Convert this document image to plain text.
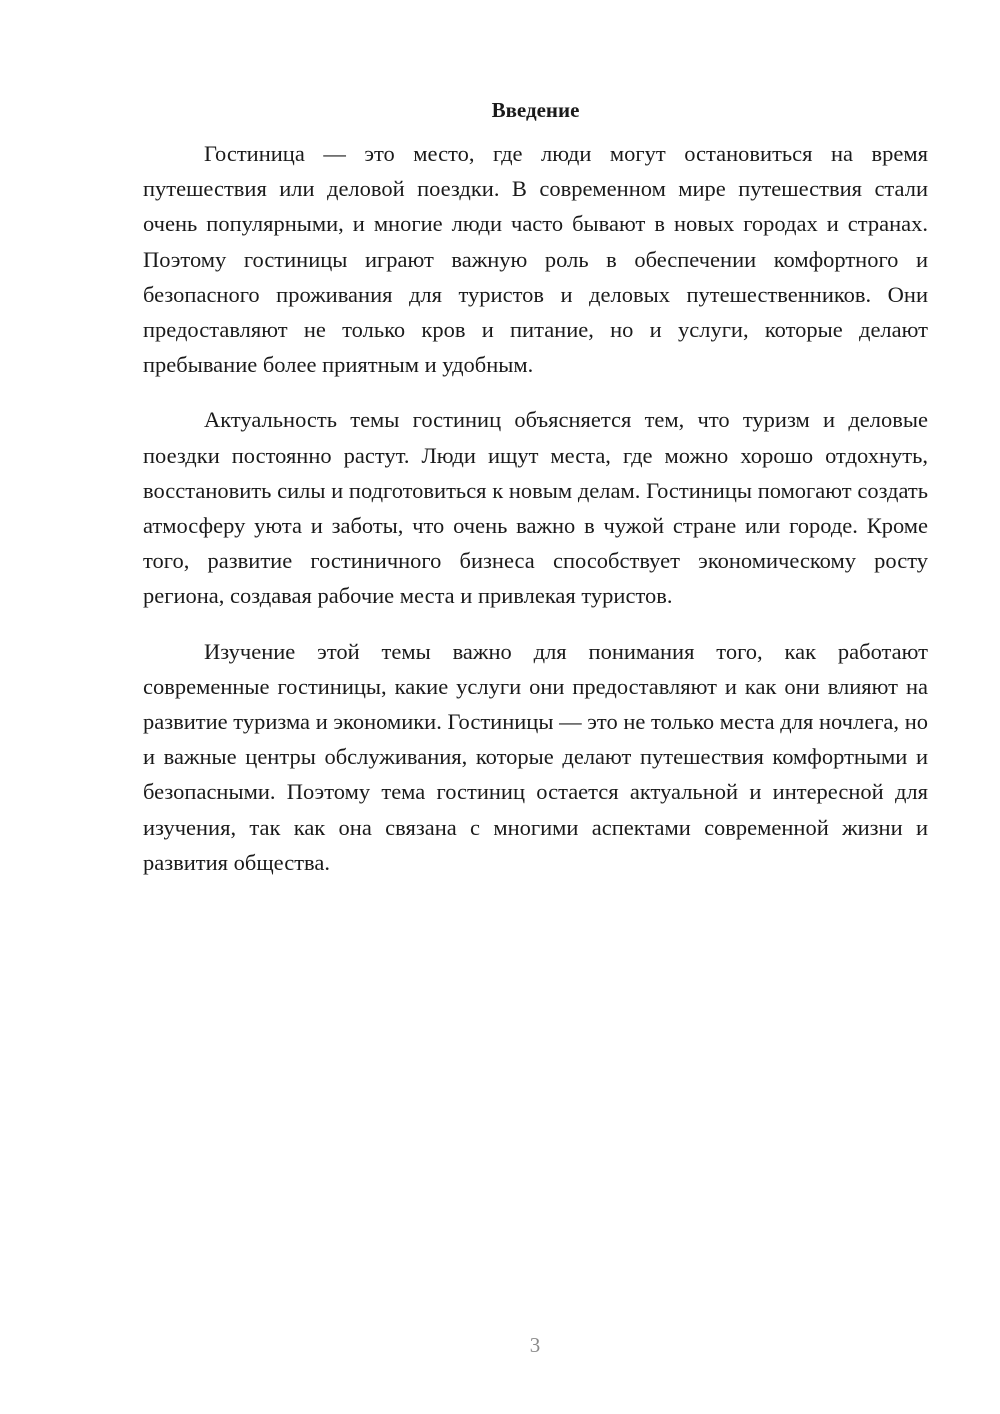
Введение

Гостиница — это место, где люди могут остановиться на время путешествия или деловой поездки. В современном мире путешествия стали очень популярными, и многие люди часто бывают в новых городах и странах. Поэтому гостиницы играют важную роль в обеспечении комфортного и безопасного проживания для туристов и деловых путешественников. Они предоставляют не только кров и питание, но и услуги, которые делают пребывание более приятным и удобным.

Актуальность темы гостиниц объясняется тем, что туризм и деловые поездки постоянно растут. Люди ищут места, где можно хорошо отдохнуть, восстановить силы и подготовиться к новым делам. Гостиницы помогают создать атмосферу уюта и заботы, что очень важно в чужой стране или городе. Кроме того, развитие гостиничного бизнеса способствует экономическому росту региона, создавая рабочие места и привлекая туристов.

Изучение этой темы важно для понимания того, как работают современные гостиницы, какие услуги они предоставляют и как они влияют на развитие туризма и экономики. Гостиницы — это не только места для ночлега, но и важные центры обслуживания, которые делают путешествия комфортными и безопасными. Поэтому тема гостиниц остается актуальной и интересной для изучения, так как она связана с многими аспектами современной жизни и развития общества.

3
